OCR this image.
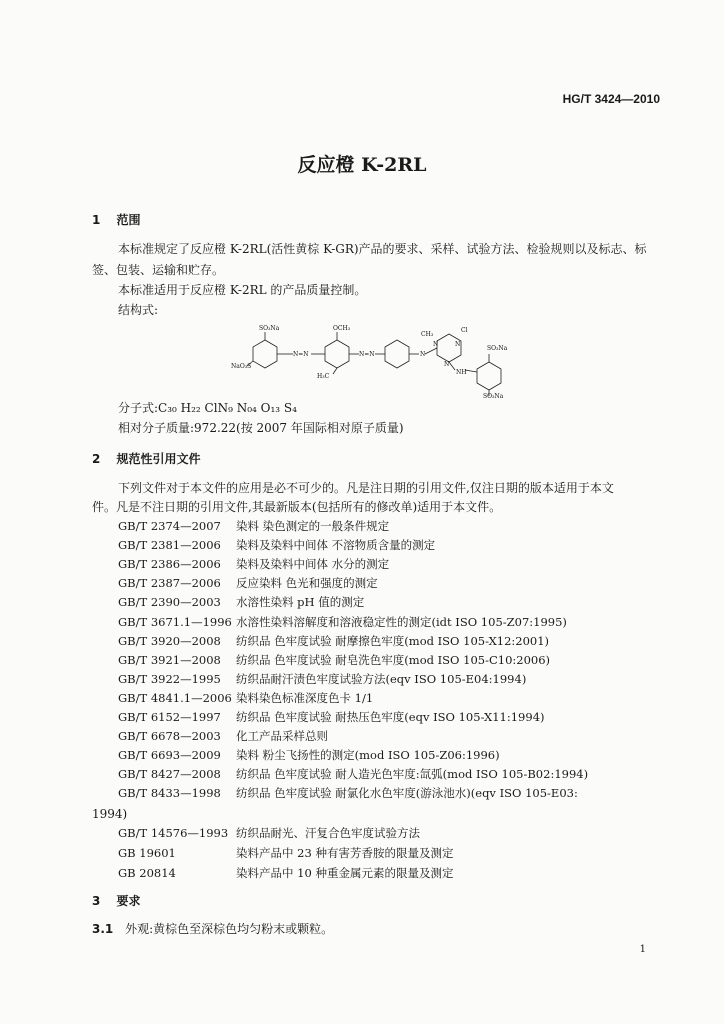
HG/T 3424—2010
反应橙 K-2RL
1 范围
本标准规定了反应橙 K-2RL(活性黄棕 K-GR)产品的要求、采样、试验方法、检验规则以及标志、标
签、包装、运输和贮存。
本标准适用于反应橙 K-2RL 的产品质量控制。
结构式:
SO₃Na	OCH₃
CH₃
Cl
N	N
N
SO₃Na
NH
NaO₃S
H₃C
N=N	N=N	N
SO₃Na
分子式:C₃₀ H₂₂ ClN₉ N₀₄ O₁₃ S₄
相对分子质量:972.22(按 2007 年国际相对原子质量)
2 规范性引用文件
下列文件对于本文件的应用是必不可少的。凡是注日期的引用文件,仅注日期的版本适用于本文
件。凡是不注日期的引用文件,其最新版本(包括所有的修改单)适用于本文件。
GB/T 2374—2007 染料 染色测定的一般条件规定
GB/T 2381—2006 染料及染料中间体 不溶物质含量的测定
GB/T 2386—2006 染料及染料中间体 水分的测定
GB/T 2387—2006 反应染料 色光和强度的测定
GB/T 2390—2003 水溶性染料 pH 值的测定
GB/T 3671.1—1996 水溶性染料溶解度和溶液稳定性的测定(idt ISO 105-Z07:1995)
GB/T 3920—2008 纺织品 色牢度试验 耐摩擦色牢度(mod ISO 105-X12:2001)
GB/T 3921—2008 纺织品 色牢度试验 耐皂洗色牢度(mod ISO 105-C10:2006)
GB/T 3922—1995 纺织品耐汗渍色牢度试验方法(eqv ISO 105-E04:1994)
GB/T 4841.1—2006 染料染色标准深度色卡 1/1
GB/T 6152—1997 纺织品 色牢度试验 耐热压色牢度(eqv ISO 105-X11:1994)
GB/T 6678—2003 化工产品采样总则
GB/T 6693—2009 染料 粉尘飞扬性的测定(mod ISO 105-Z06:1996)
GB/T 8427—2008 纺织品 色牢度试验 耐人造光色牢度:氙弧(mod ISO 105-B02:1994)
GB/T 8433—1998 纺织品 色牢度试验 耐氯化水色牢度(游泳池水)(eqv ISO 105-E03:
1994)
GB/T 14576—1993 纺织品耐光、汗复合色牢度试验方法
GB 19601	染料产品中 23 种有害芳香胺的限量及测定
GB 20814	染料产品中 10 种重金属元素的限量及测定
3 要求
3.1 外观:黄棕色至深棕色均匀粉末或颗粒。
1
